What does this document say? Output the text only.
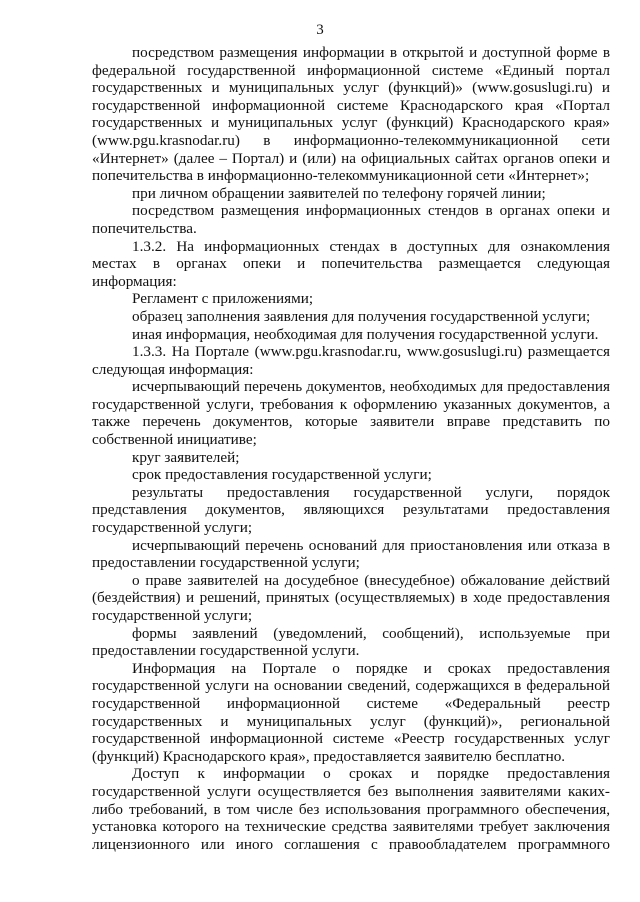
3

посредством размещения информации в открытой и доступной форме в федеральной государственной информационной системе «Единый портал государственных и муниципальных услуг (функций)» (www.gosuslugi.ru) и государственной информационной системе Краснодарского края «Портал государственных и муниципальных услуг (функций) Краснодарского края» (www.pgu.krasnodar.ru) в информационно-телекоммуникационной сети «Интернет» (далее – Портал) и (или) на официальных сайтах органов опеки и попечительства в информационно-телекоммуникационной сети «Интернет»;

при личном обращении заявителей по телефону горячей линии;

посредством размещения информационных стендов в органах опеки и попечительства.

1.3.2. На информационных стендах в доступных для ознакомления местах в органах опеки и попечительства размещается следующая информация:

Регламент с приложениями;

образец заполнения заявления для получения государственной услуги;

иная информация, необходимая для получения государственной услуги.

1.3.3. На Портале (www.pgu.krasnodar.ru, www.gosuslugi.ru) размещается следующая информация:

исчерпывающий перечень документов, необходимых для предоставления государственной услуги, требования к оформлению указанных документов, а также перечень документов, которые заявители вправе представить по собственной инициативе;

круг заявителей;

срок предоставления государственной услуги;

результаты предоставления государственной услуги, порядок представления документов, являющихся результатами предоставления государственной услуги;

исчерпывающий перечень оснований для приостановления или отказа в предоставлении государственной услуги;

о праве заявителей на досудебное (внесудебное) обжалование действий (бездействия) и решений, принятых (осуществляемых) в ходе предоставления государственной услуги;

формы заявлений (уведомлений, сообщений), используемые при предоставлении государственной услуги.

Информация на Портале о порядке и сроках предоставления государственной услуги на основании сведений, содержащихся в федеральной государственной информационной системе «Федеральный реестр государственных и муниципальных услуг (функций)», региональной государственной информационной системе «Реестр государственных услуг (функций) Краснодарского края», предоставляется заявителю бесплатно.

Доступ к информации о сроках и порядке предоставления государственной услуги осуществляется без выполнения заявителями каких-либо требований, в том числе без использования программного обеспечения, установка которого на технические средства заявителями требует заключения лицензионного или иного соглашения с правообладателем программного
